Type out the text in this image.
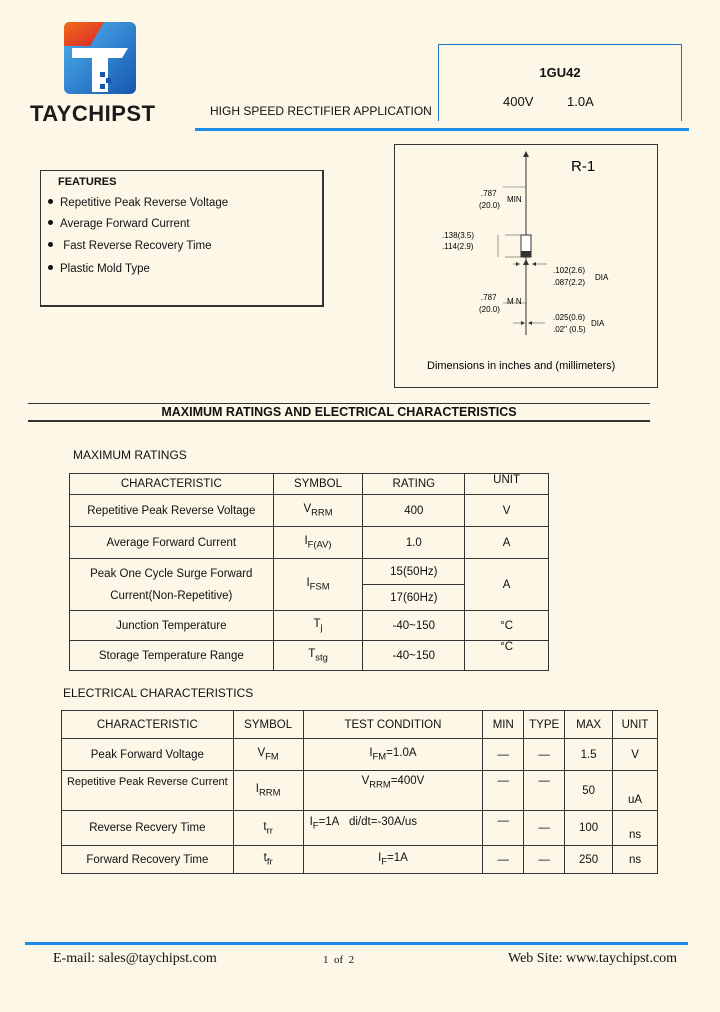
TAYCHIPST	HIGH SPEED RECTIFIER APPLICATION
1GU42
400V	1.0A
FEATURES
Repetitive Peak Reverse Voltage
Average Forward Current
Fast Reverse Recovery Time
Plastic Mold Type
R-1
.787
(20.0)
MIN
.138(3.5)
.114(2.9)
.102(2.6)
.087(2.2)
DIA
.787
(20.0)
M N
.025(0.6)
.02" (0.5)
DIA
Dimensions in inches and (millimeters)
MAXIMUM RATINGS AND ELECTRICAL CHARACTERISTICS
MAXIMUM RATINGS
CHARACTERISTIC	SYMBOL	RATING	UNIT
Repetitive Peak Reverse Voltage	$V_{RRM}$	400	V
Average Forward Current	$I_{F(AV)}$	1.0	A

Peak One Cycle Surge Forward
Current(Non-Repetitive)	$I_{FSM}$	15(50Hz)	A
		17(60Hz)	
Junction Temperature	$T_j$	-40~150	°C
Storage Temperature Range	$T_{stg}$	-40~150	°C
ELECTRICAL CHARACTERISTICS
CHARACTERISTIC	SYMBOL	TEST CONDITION	MIN	TYPE	MAX	UNIT
Peak Forward Voltage	$V_{FM}$	$I_{FM}=1.0A$	—	—	1.5	V
Repetitive Peak Reverse Current	$I_{RRM}$	$V_{RRM}=400V$	—	—	50	uA
Reverse Recvery Time	$t_{rr}$	$I_F=1A$ di/dt=-30A/us	—	—	100	ns
Forward Recovery Time	$t_{fr}$	$I_F=1A$	—	—	250	ns
E-mail: sales@taychipst.com	1  of  2	Web Site: www.taychipst.com
